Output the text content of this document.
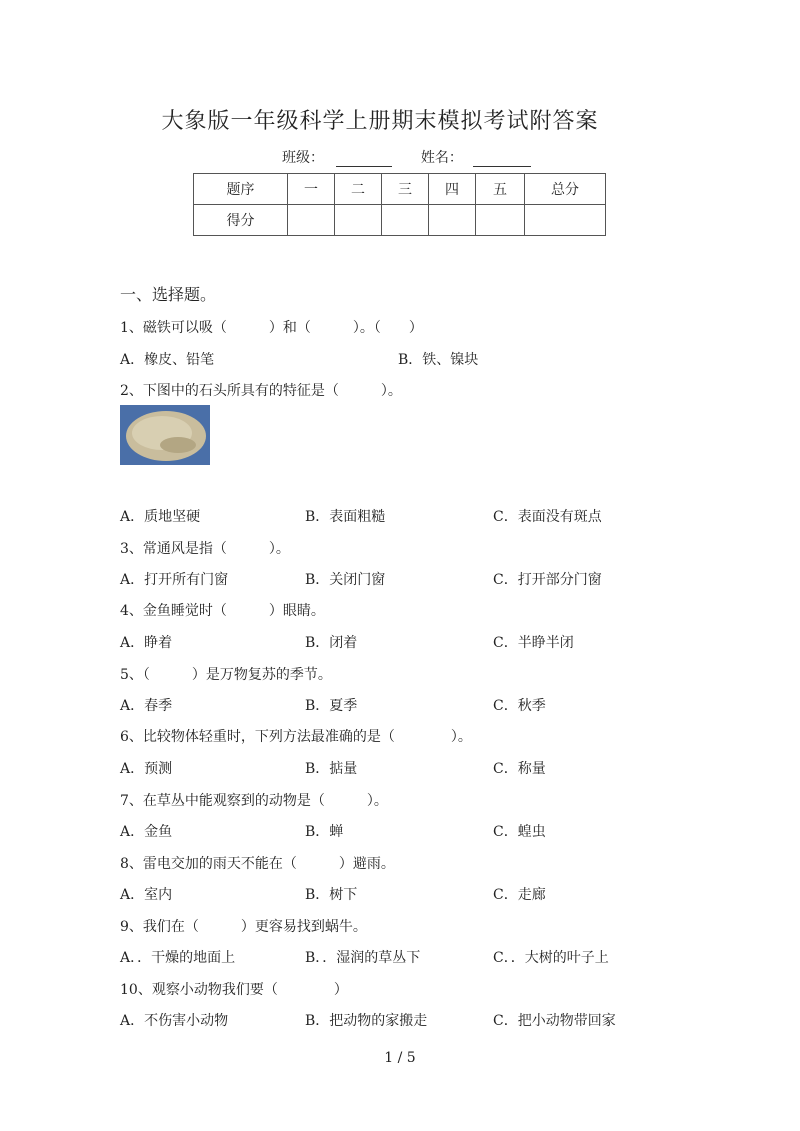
大象版一年级科学上册期末模拟考试附答案
班级：	姓名：
题序	一	二	三	四	五	总分
得分						
一、选择题。
1、磁铁可以吸（　　　）和（　　　）。（　　）
A．橡皮、铅笔	B．铁、镍块
2、下图中的石头所具有的特征是（　　　）。
A．质地坚硬	B．表面粗糙	C．表面没有斑点
3、常通风是指（　　　）。
A．打开所有门窗	B．关闭门窗	C．打开部分门窗
4、金鱼睡觉时（　　　）眼睛。
A．睁着	B．闭着	C．半睁半闭
5、（　　　）是万物复苏的季节。
A．春季	B．夏季	C．秋季
6、比较物体轻重时，下列方法最准确的是（　　　　）。
A．预测	B．掂量	C．称量
7、在草丛中能观察到的动物是（　　　）。
A．金鱼	B．蝉	C．蝗虫
8、雷电交加的雨天不能在（　　　）避雨。
A．室内	B．树下	C．走廊
9、我们在（　　　）更容易找到蜗牛。
A．．干燥的地面上	B．．湿润的草丛下	C．．大树的叶子上
10、观察小动物我们要（　　　　）
A．不伤害小动物	B．把动物的家搬走	C．把小动物带回家
1 / 5
